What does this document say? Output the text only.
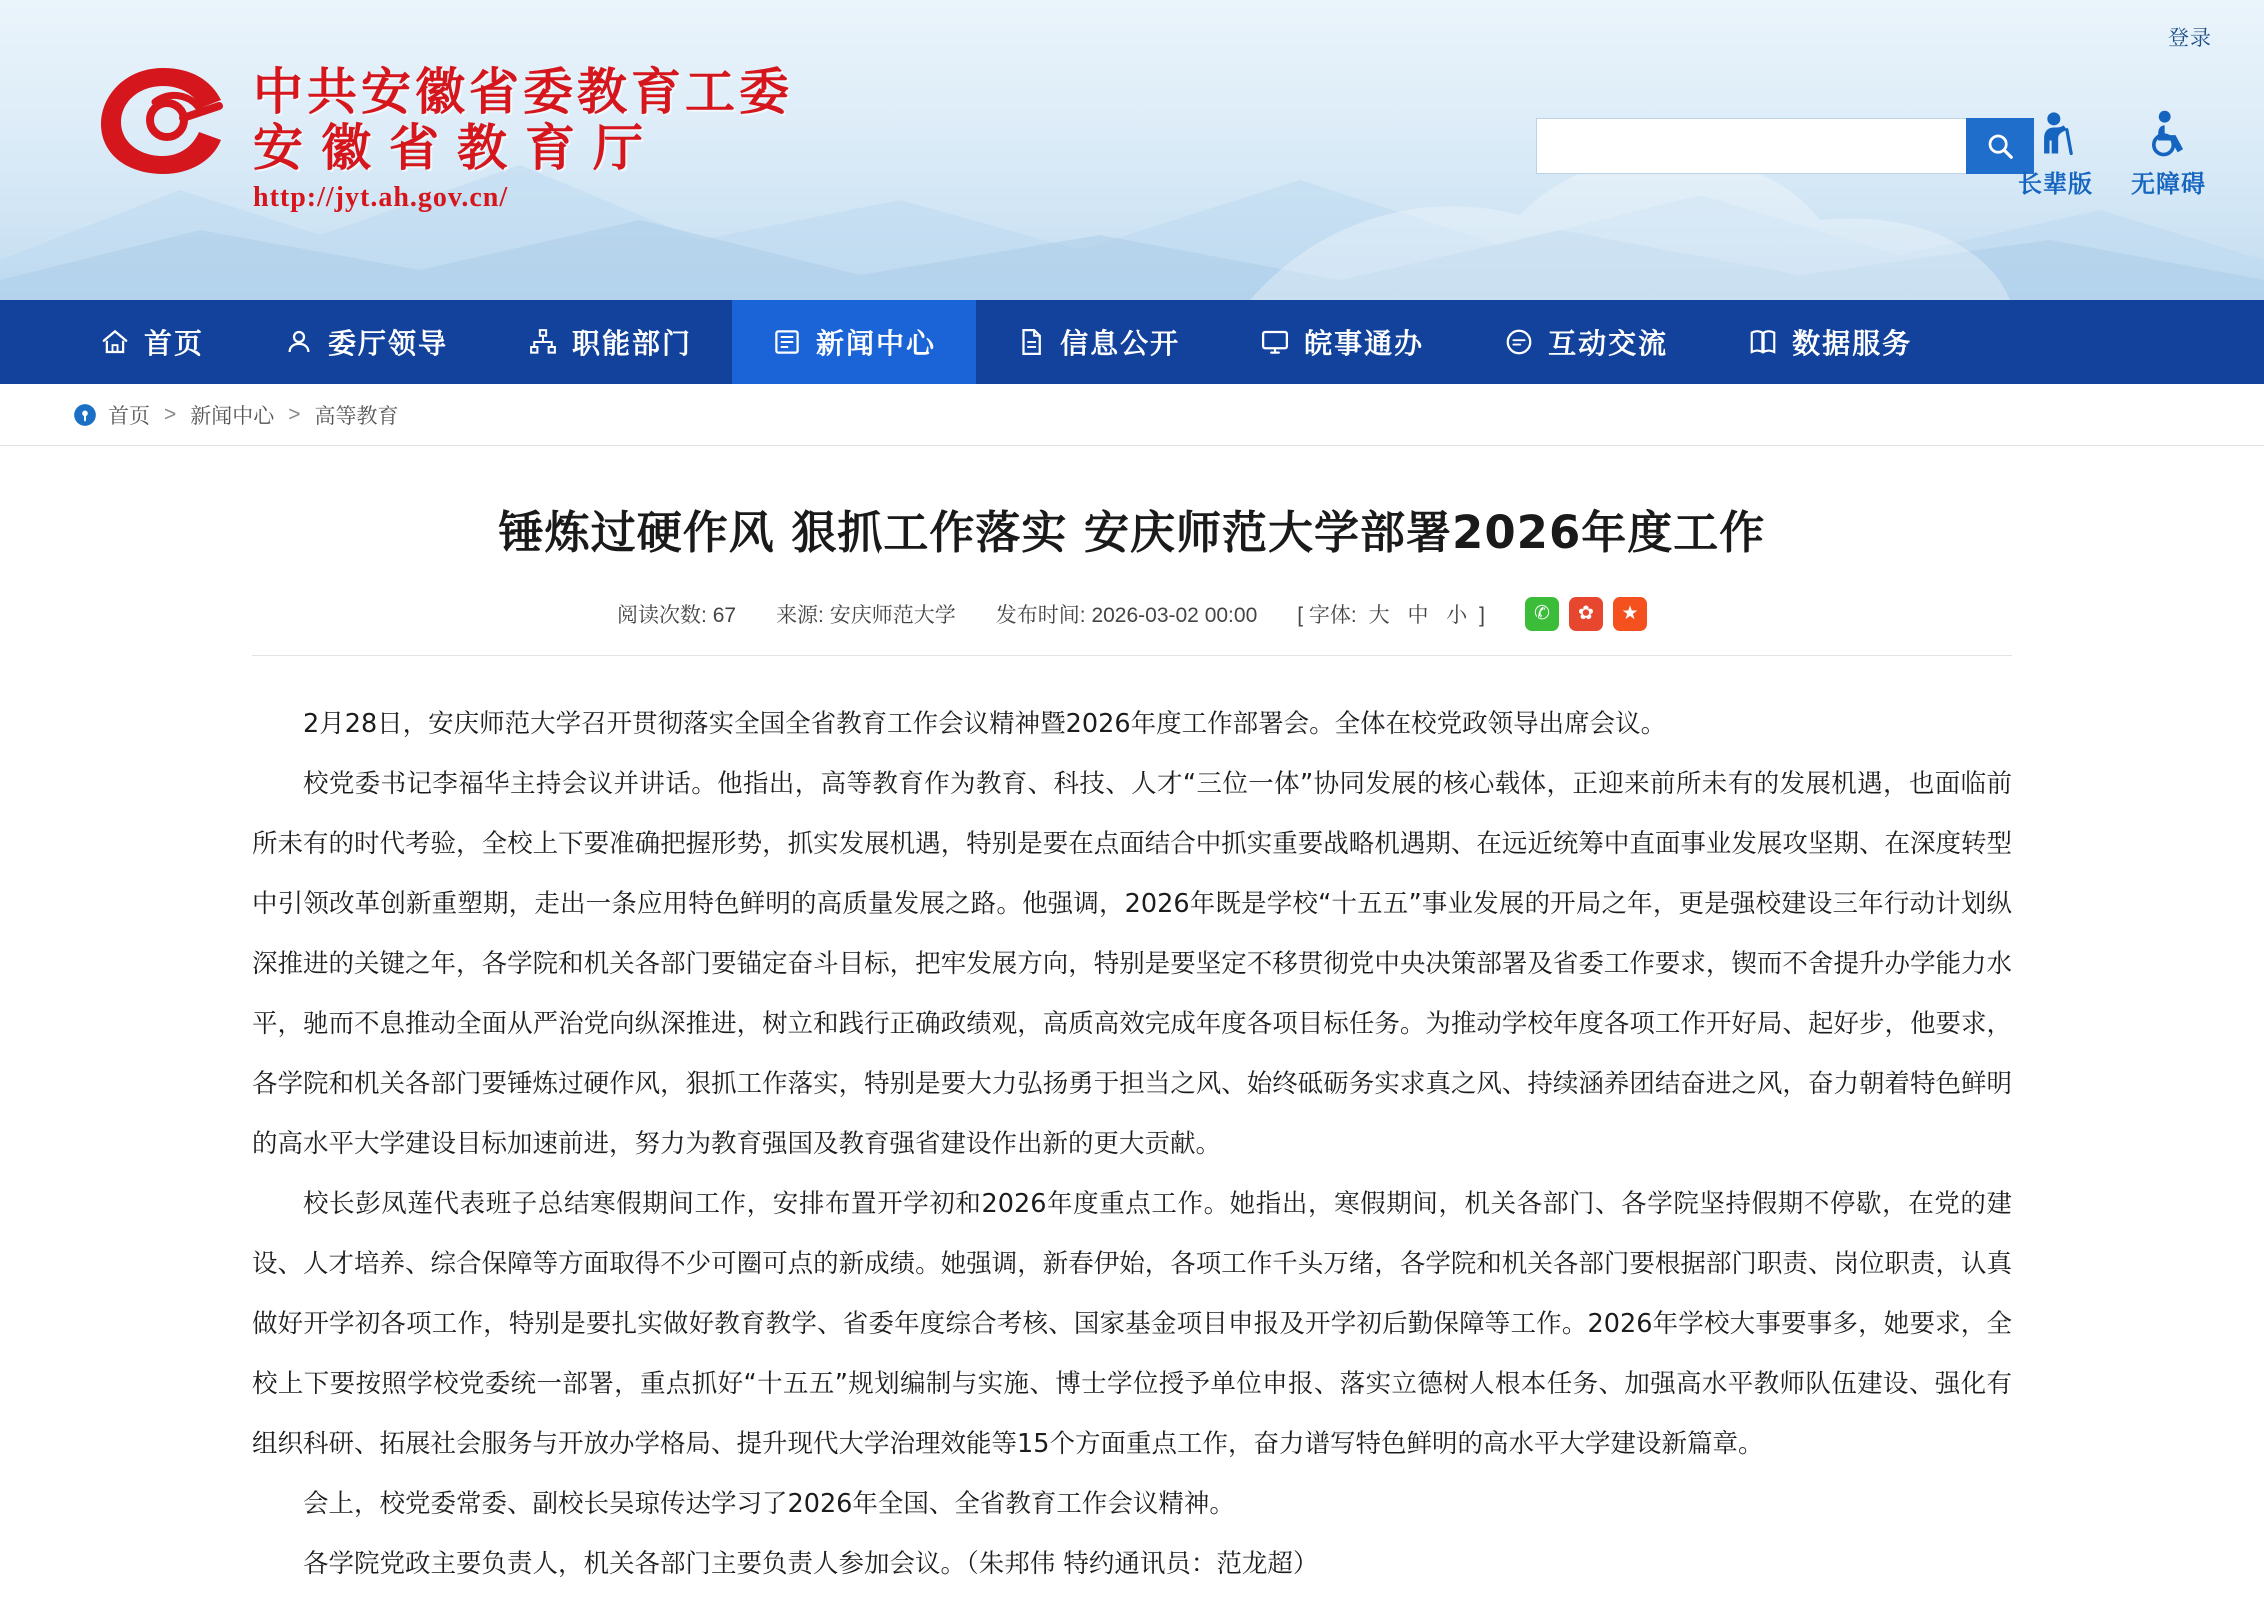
登录
中共安徽省委教育工委
安徽省教育厅
http://jyt.ah.gov.cn/	长辈版 无障碍
首页	委厅领导	职能部门	新闻中心	信息公开	皖事通办	互动交流	数据服务
首页 > 新闻中心 > 高等教育
锤炼过硬作风 狠抓工作落实 安庆师范大学部署2026年度工作
阅读次数: 67 来源: 安庆师范大学 发布时间: 2026-03-02 00:00 [ 字体: 大 中 小 ]	✆	✿	★

2月28日，安庆师范大学召开贯彻落实全国全省教育工作会议精神暨2026年度工作部署会。全体在校党政领导出席会议。

校党委书记李福华主持会议并讲话。他指出，高等教育作为教育、科技、人才“三位一体”协同发展的核心载体，正迎来前所未有的发展机遇，也面临前所未有的时代考验，全校上下要准确把握形势，抓实发展机遇，特别是要在点面结合中抓实重要战略机遇期、在远近统筹中直面事业发展攻坚期、在深度转型中引领改革创新重塑期，走出一条应用特色鲜明的高质量发展之路。他强调，2026年既是学校“十五五”事业发展的开局之年，更是强校建设三年行动计划纵深推进的关键之年，各学院和机关各部门要锚定奋斗目标，把牢发展方向，特别是要坚定不移贯彻党中央决策部署及省委工作要求，锲而不舍提升办学能力水平，驰而不息推动全面从严治党向纵深推进，树立和践行正确政绩观，高质高效完成年度各项目标任务。为推动学校年度各项工作开好局、起好步，他要求，各学院和机关各部门要锤炼过硬作风，狠抓工作落实，特别是要大力弘扬勇于担当之风、始终砥砺务实求真之风、持续涵养团结奋进之风，奋力朝着特色鲜明的高水平大学建设目标加速前进，努力为教育强国及教育强省建设作出新的更大贡献。

校长彭凤莲代表班子总结寒假期间工作，安排布置开学初和2026年度重点工作。她指出，寒假期间，机关各部门、各学院坚持假期不停歇，在党的建设、人才培养、综合保障等方面取得不少可圈可点的新成绩。她强调，新春伊始，各项工作千头万绪，各学院和机关各部门要根据部门职责、岗位职责，认真做好开学初各项工作，特别是要扎实做好教育教学、省委年度综合考核、国家基金项目申报及开学初后勤保障等工作。2026年学校大事要事多，她要求，全校上下要按照学校党委统一部署，重点抓好“十五五”规划编制与实施、博士学位授予单位申报、落实立德树人根本任务、加强高水平教师队伍建设、强化有组织科研、拓展社会服务与开放办学格局、提升现代大学治理效能等15个方面重点工作，奋力谱写特色鲜明的高水平大学建设新篇章。

会上，校党委常委、副校长吴琼传达学习了2026年全国、全省教育工作会议精神。

各学院党政主要负责人，机关各部门主要负责人参加会议。（朱邦伟 特约通讯员：范龙超）
